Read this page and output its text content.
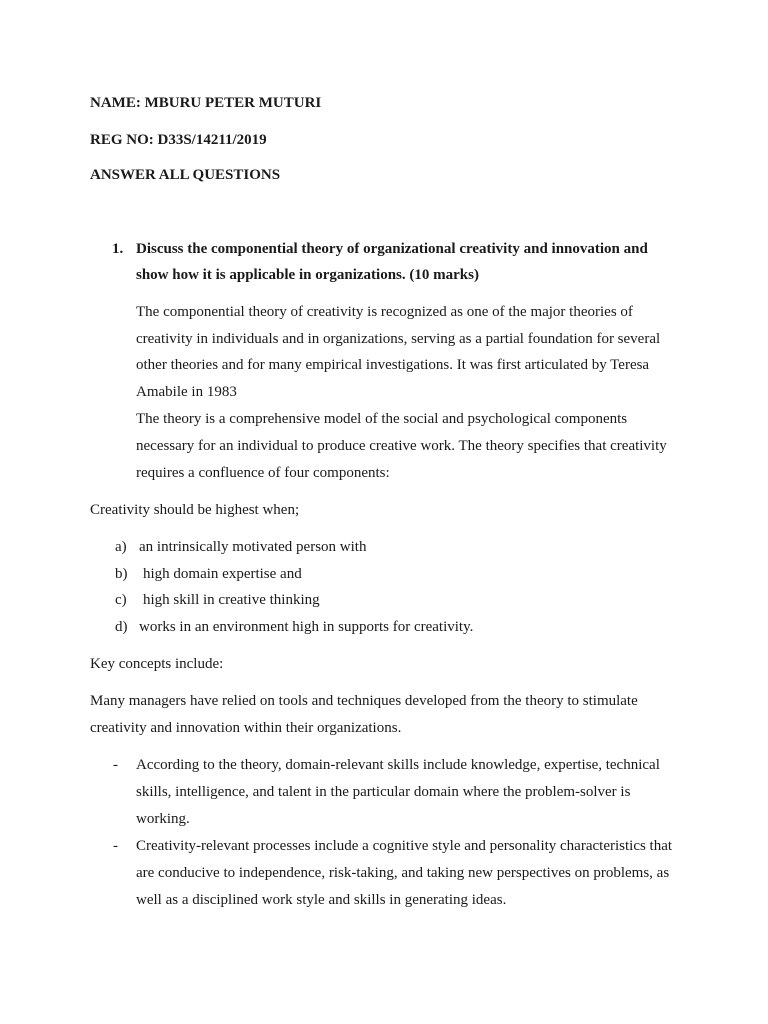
NAME: MBURU PETER MUTURI
REG NO: D33S/14211/2019
ANSWER ALL QUESTIONS
1. Discuss the componential theory of organizational creativity and innovation and
show how it is applicable in organizations. (10 marks)
The componential theory of creativity is recognized as one of the major theories of
creativity in individuals and in organizations, serving as a partial foundation for several
other theories and for many empirical investigations. It was first articulated by Teresa
Amabile in 1983
The theory is a comprehensive model of the social and psychological components
necessary for an individual to produce creative work. The theory specifies that creativity
requires a confluence of four components:
Creativity should be highest when;
a) an intrinsically motivated person with
b) high domain expertise and
c) high skill in creative thinking
d) works in an environment high in supports for creativity.
Key concepts include:
Many managers have relied on tools and techniques developed from the theory to stimulate
creativity and innovation within their organizations.
- According to the theory, domain-relevant skills include knowledge, expertise, technical
skills, intelligence, and talent in the particular domain where the problem-solver is
working.
- Creativity-relevant processes include a cognitive style and personality characteristics that
are conducive to independence, risk-taking, and taking new perspectives on problems, as
well as a disciplined work style and skills in generating ideas.
